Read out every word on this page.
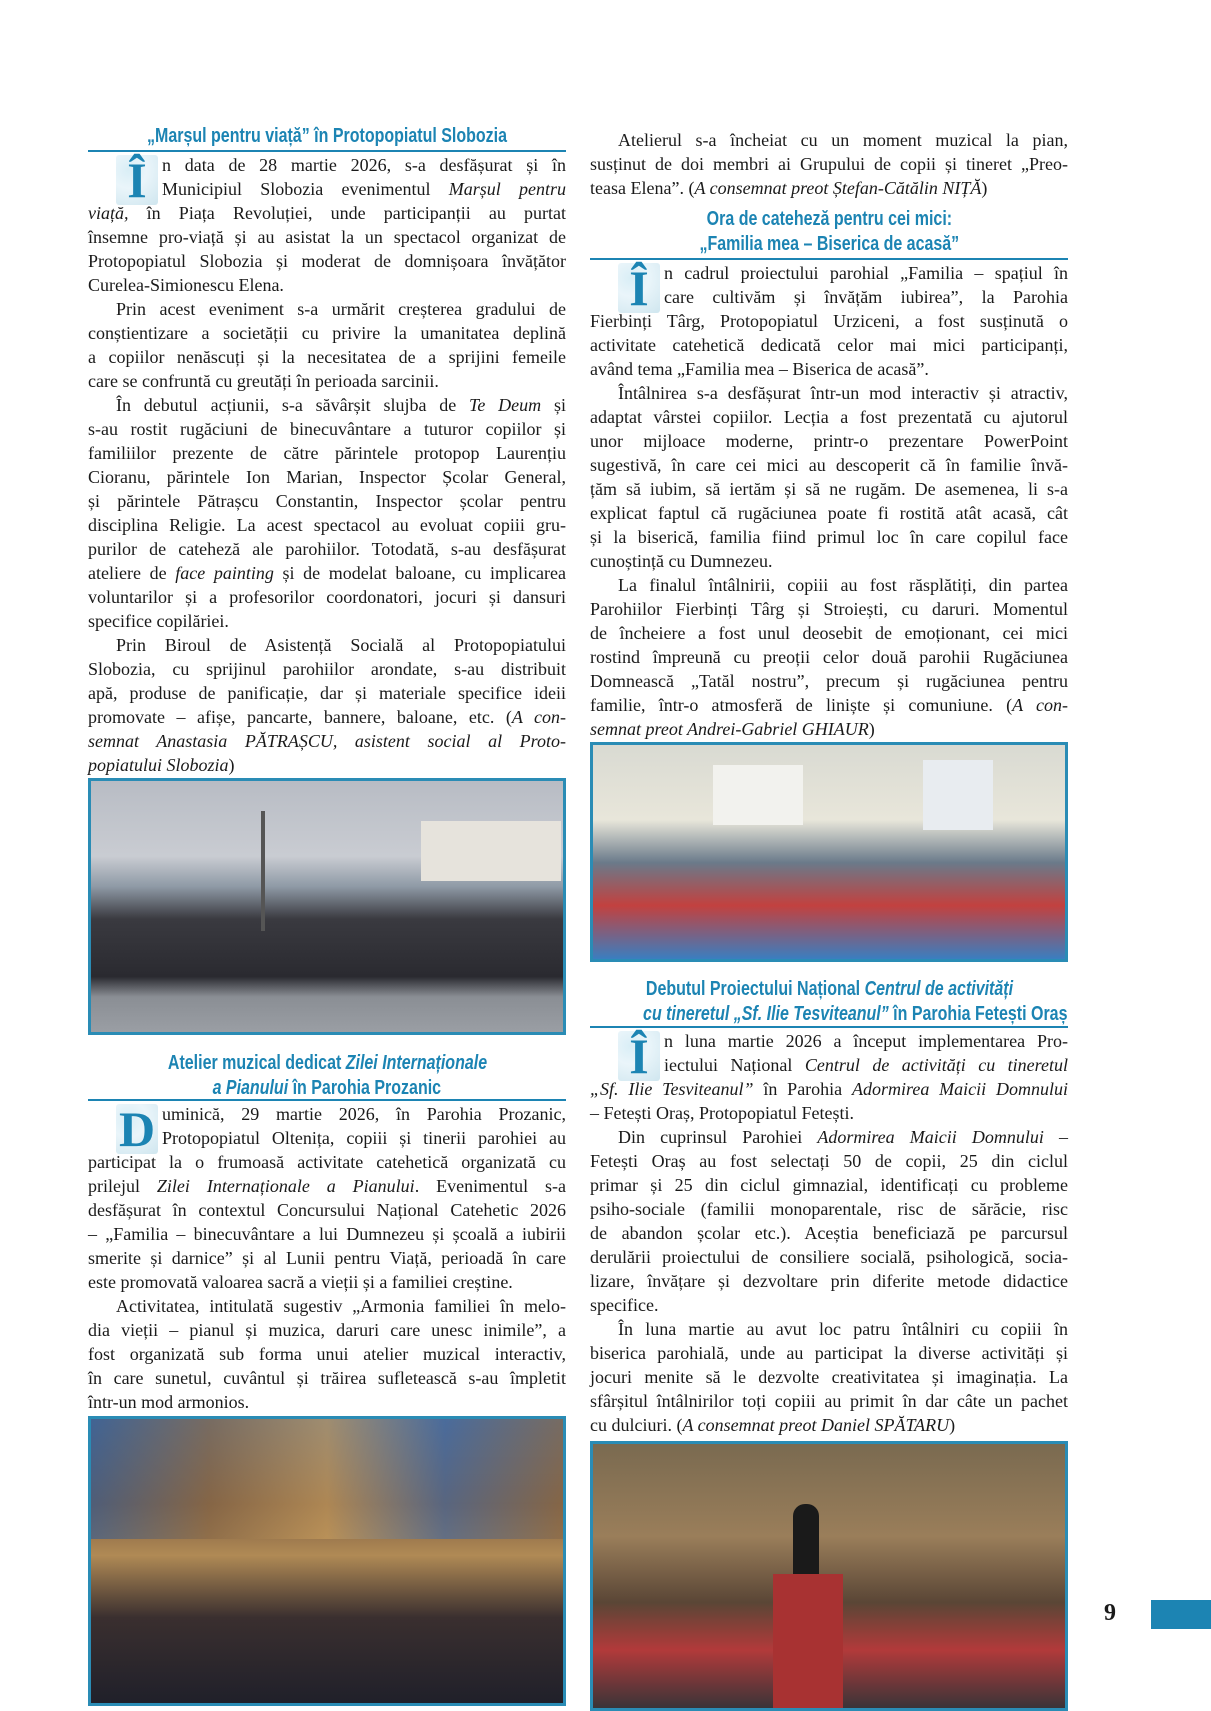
„Marșul pentru viață” în Protopopiatul Slobozia
Î n data de 28 martie 2026, s-a desfășurat și în
Municipiul Slobozia evenimentul Marșul pentru
viață, în Piața Revoluției, unde participanții au purtat
însemne pro-viață și au asistat la un spectacol organizat de
Protopopiatul Slobozia și moderat de domnișoara învățător
Curelea-Simionescu Elena.
Prin acest eveniment s-a urmărit creșterea gradului de
conștientizare a societății cu privire la umanitatea deplină
a copiilor nenăscuți și la necesitatea de a sprijini femeile
care se confruntă cu greutăți în perioada sarcinii.
În debutul acțiunii, s-a săvârșit slujba de Te Deum și
s-au rostit rugăciuni de binecuvântare a tuturor copiilor și
familiilor prezente de către părintele protopop Laurențiu
Cioranu, părintele Ion Marian, Inspector Școlar General,
și părintele Pătrașcu Constantin, Inspector școlar pentru
disciplina Religie. La acest spectacol au evoluat copiii gru-
purilor de cateheză ale parohiilor. Totodată, s-au desfășurat
ateliere de face painting și de modelat baloane, cu implicarea
voluntarilor și a profesorilor coordonatori, jocuri și dansuri
specifice copilăriei.
Prin Biroul de Asistență Socială al Protopopiatului
Slobozia, cu sprijinul parohiilor arondate, s-au distribuit
apă, produse de panificație, dar și materiale specifice ideii
promovate – afișe, pancarte, bannere, baloane, etc. (A con-
semnat Anastasia PĂTRAȘCU, asistent social al Proto-
popiatului Slobozia)
Atelier muzical dedicat Zilei Internaționale
a Pianului în Parohia Prozanic
D uminică, 29 martie 2026, în Parohia Prozanic,
Protopopiatul Oltenița, copiii și tinerii parohiei au
participat la o frumoasă activitate catehetică organizată cu
prilejul Zilei Internaționale a Pianului. Evenimentul s-a
desfășurat în contextul Concursului Național Catehetic 2026
– „Familia – binecuvântare a lui Dumnezeu și școală a iubirii
smerite și darnice” și al Lunii pentru Viață, perioadă în care
este promovată valoarea sacră a vieții și a familiei creștine.
Activitatea, intitulată sugestiv „Armonia familiei în melo-
dia vieții – pianul și muzica, daruri care unesc inimile”, a
fost organizată sub forma unui atelier muzical interactiv,
în care sunetul, cuvântul și trăirea sufletească s-au împletit
într-un mod armonios.
Atelierul s-a încheiat cu un moment muzical la pian,
susținut de doi membri ai Grupului de copii și tineret „Preo-
teasa Elena”. (A consemnat preot Ștefan-Cătălin NIȚĂ)
Ora de cateheză pentru cei mici:
„Familia mea – Biserica de acasă”
Î n cadrul proiectului parohial „Familia – spațiul în
care cultivăm și învățăm iubirea”, la Parohia
Fierbinți Târg, Protopopiatul Urziceni, a fost susținută o
activitate catehetică dedicată celor mai mici participanți,
având tema „Familia mea – Biserica de acasă”.
Întâlnirea s-a desfășurat într-un mod interactiv și atractiv,
adaptat vârstei copiilor. Lecția a fost prezentată cu ajutorul
unor mijloace moderne, printr-o prezentare PowerPoint
sugestivă, în care cei mici au descoperit că în familie învă-
țăm să iubim, să iertăm și să ne rugăm. De asemenea, li s-a
explicat faptul că rugăciunea poate fi rostită atât acasă, cât
și la biserică, familia fiind primul loc în care copilul face
cunoștință cu Dumnezeu.
La finalul întâlnirii, copiii au fost răsplătiți, din partea
Parohiilor Fierbinți Târg și Stroiești, cu daruri. Momentul
de încheiere a fost unul deosebit de emoționant, cei mici
rostind împreună cu preoții celor două parohii Rugăciunea
Domnească „Tatăl nostru”, precum și rugăciunea pentru
familie, într-o atmosferă de liniște și comuniune. (A con-
semnat preot Andrei-Gabriel GHIAUR)
Debutul Proiectului Național Centrul de activități
cu tineretul „Sf. Ilie Tesviteanul” în Parohia Fetești Oraș
Î n luna martie 2026 a început implementarea Pro-
iectului Național Centrul de activități cu tineretul
„Sf. Ilie Tesviteanul” în Parohia Adormirea Maicii Domnului
– Fetești Oraș, Protopopiatul Fetești.
Din cuprinsul Parohiei Adormirea Maicii Domnului –
Fetești Oraș au fost selectați 50 de copii, 25 din ciclul
primar și 25 din ciclul gimnazial, identificați cu probleme
psiho-sociale (familii monoparentale, risc de sărăcie, risc
de abandon școlar etc.). Aceștia beneficiază pe parcursul
derulării proiectului de consiliere socială, psihologică, socia-
lizare, învățare și dezvoltare prin diferite metode didactice
specifice.
În luna martie au avut loc patru întâlniri cu copiii în
biserica parohială, unde au participat la diverse activități și
jocuri menite să le dezvolte creativitatea și imaginația. La
sfârșitul întâlnirilor toți copiii au primit în dar câte un pachet
cu dulciuri. (A consemnat preot Daniel SPĂTARU)
9
